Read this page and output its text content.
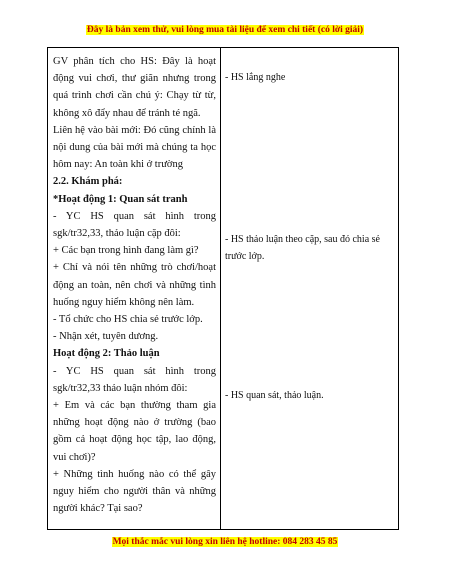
Đây là bản xem thử, vui lòng mua tài liệu để xem chi tiết (có lời giải)
GV phân tích cho HS: Đây là hoạt
động vui chơi, thư giãn nhưng trong
quá trình chơi cần chú ý: Chạy từ từ,
không xô đẩy nhau để tránh té ngã.
Liên hệ vào bài mới: Đó cũng chính là
nội dung của bài mới mà chúng ta học
hôm nay: An toàn khi ở trường
2.2. Khám phá:
*Hoạt động 1: Quan sát tranh
- YC HS quan sát hình trong
sgk/tr32,33, thảo luận cặp đôi:
+ Các bạn trong hình đang làm gì?
+ Chỉ và nói tên những trò chơi/hoạt
động an toàn, nên chơi và những tình
huống nguy hiểm không nên làm.
- Tổ chức cho HS chia sẻ trước lớp.
- Nhận xét, tuyên dương.
Hoạt động 2: Thảo luận
- YC HS quan sát hình trong
sgk/tr32,33 thảo luận nhóm đôi:
+ Em và các bạn thường tham gia
những hoạt động nào ở trường (bao
gồm cả hoạt động học tập, lao động,
vui chơi)?
+ Những tình huống nào có thể gây
nguy hiểm cho người thân và những
người khác? Tại sao?
- HS lắng nghe
- HS thảo luận theo cặp, sau đó chia sẻ
trước lớp.
- HS quan sát, thảo luận.
Mọi thắc mắc vui lòng xin liên hệ hotline: 084 283 45 85
